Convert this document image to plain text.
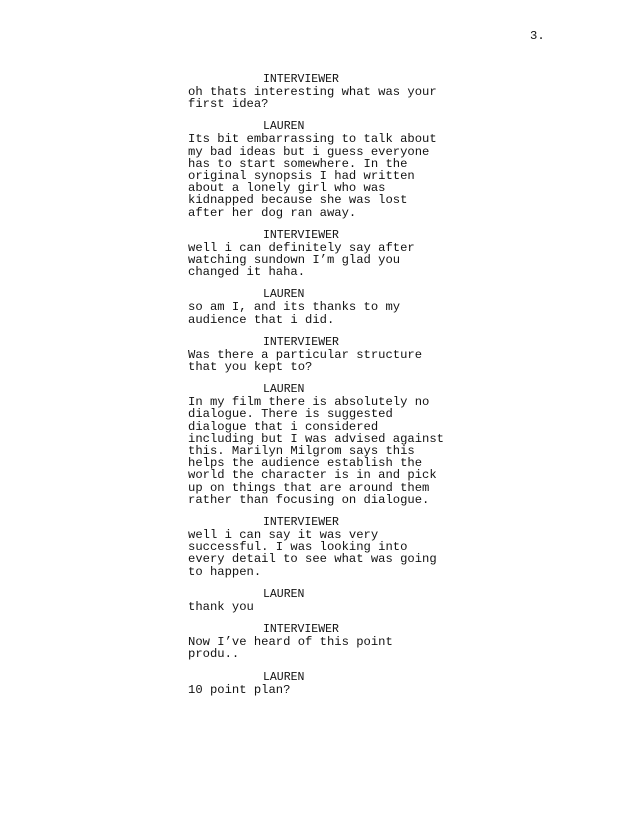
3.
INTERVIEWER
oh thats interesting what was your
first idea?
LAUREN
Its bit embarrassing to talk about
my bad ideas but i guess everyone
has to start somewhere. In the
original synopsis I had written
about a lonely girl who was
kidnapped because she was lost
after her dog ran away.
INTERVIEWER
well i can definitely say after
watching sundown I’m glad you
changed it haha.
LAUREN
so am I, and its thanks to my
audience that i did.
INTERVIEWER
Was there a particular structure
that you kept to?
LAUREN
In my film there is absolutely no
dialogue. There is suggested
dialogue that i considered
including but I was advised against
this. Marilyn Milgrom says this
helps the audience establish the
world the character is in and pick
up on things that are around them
rather than focusing on dialogue.
INTERVIEWER
well i can say it was very
successful. I was looking into
every detail to see what was going
to happen.
LAUREN
thank you
INTERVIEWER
Now I’ve heard of this point
produ..
LAUREN
10 point plan?
